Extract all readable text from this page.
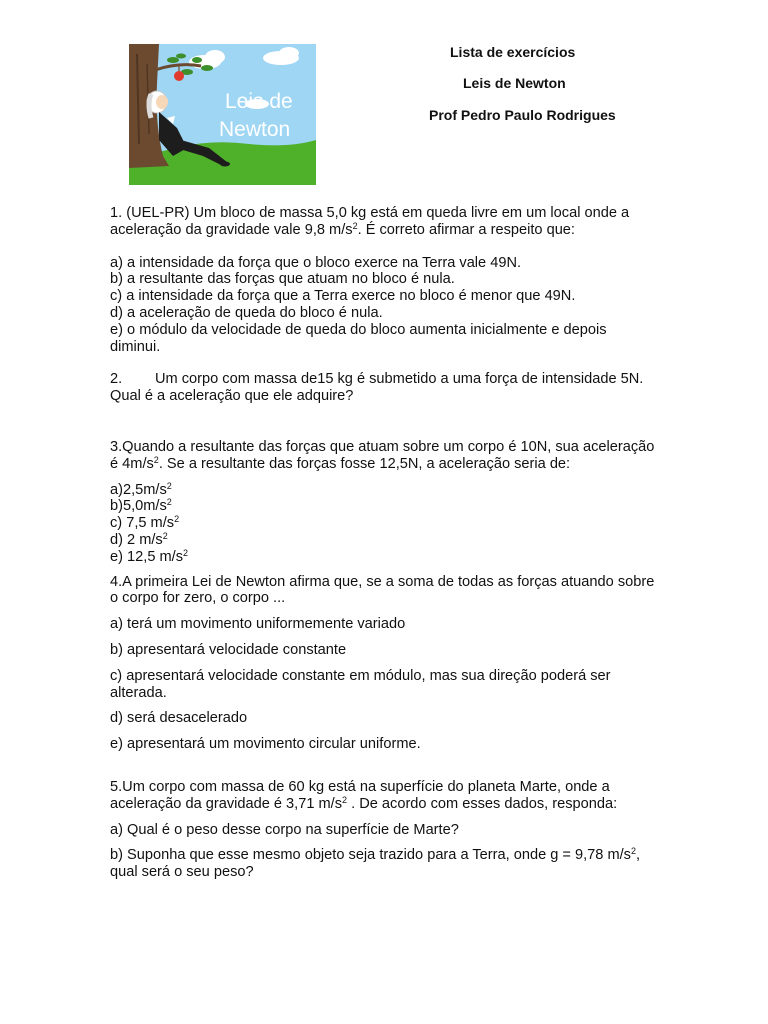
Leis de
Newton
Lista de exercícios
Leis de Newton
Prof Pedro Paulo Rodrigues

1. (UEL-PR) Um bloco de massa 5,0 kg está em queda livre em um local onde a aceleração da gravidade vale 9,8 $m/s^2$. É correto afirmar a respeito que:

a) a intensidade da força que o bloco exerce na Terra vale 49N.

b) a resultante das forças que atuam no bloco é nula.

c) a intensidade da força que a Terra exerce no bloco é menor que 49N.

d) a aceleração de queda do bloco é nula.

e) o módulo da velocidade de queda do bloco aumenta inicialmente e depois diminui.

2. Um corpo com massa de15 kg é submetido a uma força de intensidade 5N. Qual é a aceleração que ele adquire?

3.Quando a resultante das forças que atuam sobre um corpo é 10N, sua aceleração é $4m/s^2$. Se a resultante das forças fosse 12,5N, a aceleração seria de:

$a)2,5m/s^2$

$b)5,0m/s^2$

c) 7,5 $m/s^2$

d) 2 $m/s^2$

e) 12,5 $m/s^2$

4.A primeira Lei de Newton afirma que, se a soma de todas as forças atuando sobre o corpo for zero, o corpo ...

a) terá um movimento uniformemente variado

b) apresentará velocidade constante

c) apresentará velocidade constante em módulo, mas sua direção poderá ser alterada.

d) será desacelerado

e) apresentará um movimento circular uniforme.

5.Um corpo com massa de 60 kg está na superfície do planeta Marte, onde a aceleração da gravidade é 3,71 $m/s^2$ . De acordo com esses dados, responda:

a) Qual é o peso desse corpo na superfície de Marte?

b) Suponha que esse mesmo objeto seja trazido para a Terra, onde g = 9,78 $m/s^2$, qual será o seu peso?
